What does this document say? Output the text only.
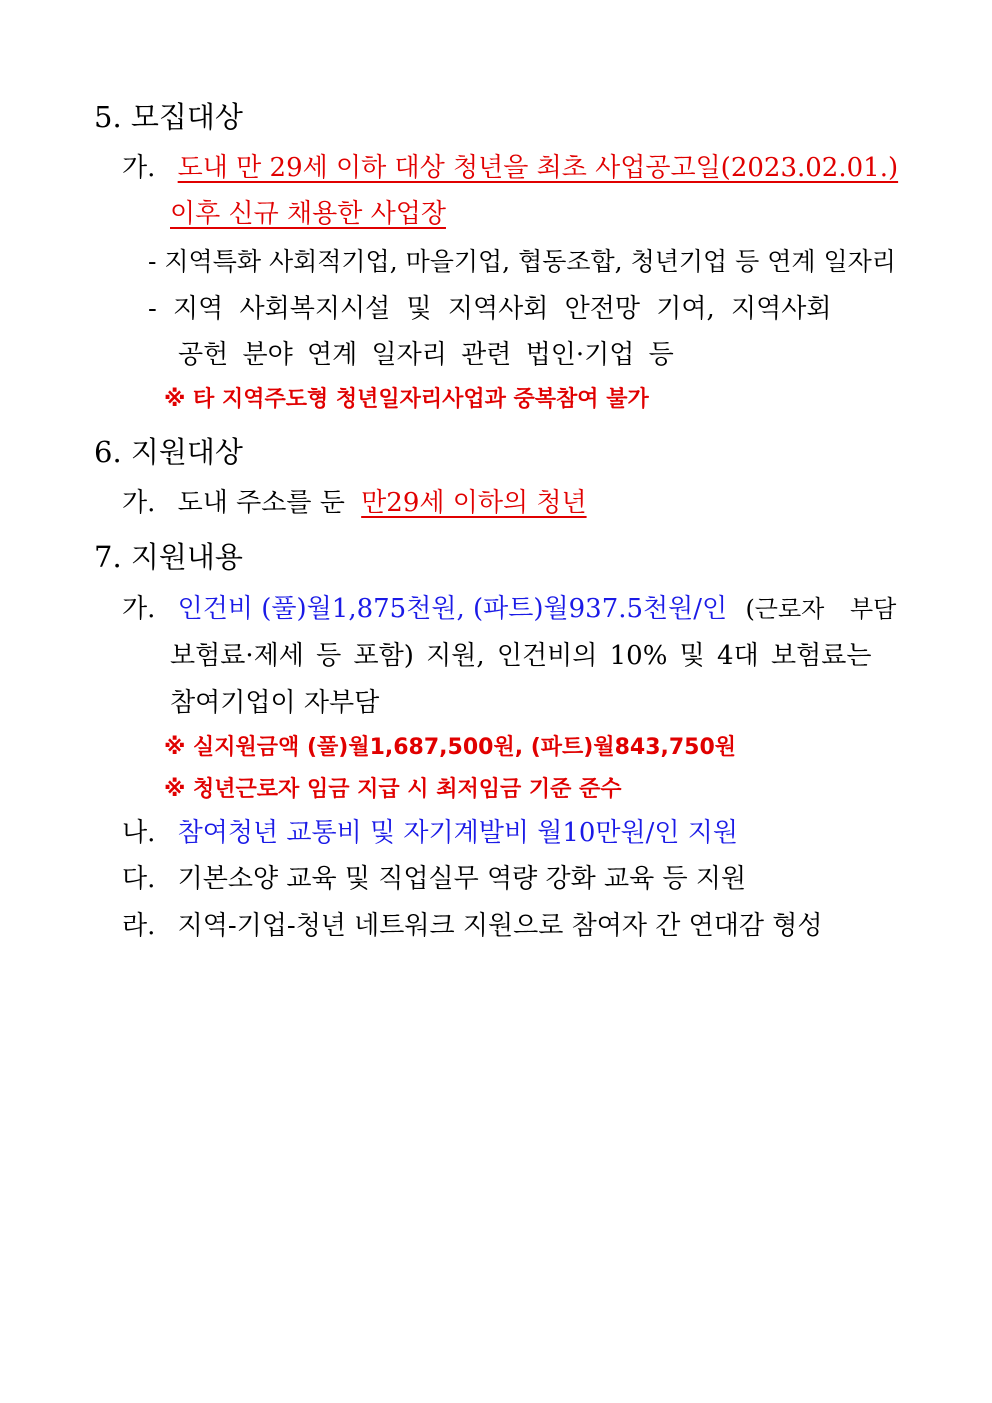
5. 모집대상
가. 도내 만 29세 이하 대상 청년을 최초 사업공고일(2023.02.01.)
이후 신규 채용한 사업장
- 지역특화 사회적기업, 마을기업, 협동조합, 청년기업 등 연계 일자리
- 지역 사회복지시설 및 지역사회 안전망 기여, 지역사회
공헌 분야 연계 일자리 관련 법인·기업 등
※ 타 지역주도형 청년일자리사업과 중복참여 불가
6. 지원대상
가. 도내 주소를 둔 만29세 이하의 청년
7. 지원내용
가. 인건비 (풀)월1,875천원, (파트)월937.5천원/인 (근로자 부담
보험료·제세 등 포함) 지원, 인건비의 10% 및 4대 보험료는
참여기업이 자부담
※ 실지원금액 (풀)월1,687,500원, (파트)월843,750원
※ 청년근로자 임금 지급 시 최저임금 기준 준수
나. 참여청년 교통비 및 자기계발비 월10만원/인 지원
다. 기본소양 교육 및 직업실무 역량 강화 교육 등 지원
라. 지역-기업-청년 네트워크 지원으로 참여자 간 연대감 형성
